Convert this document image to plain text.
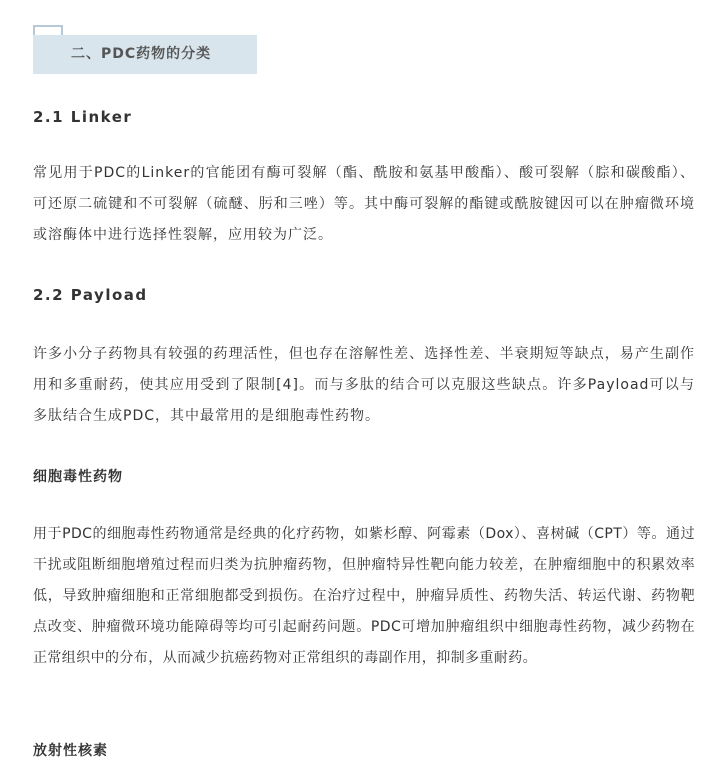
二、PDC药物的分类
2.1 Linker

常见用于PDC的Linker的官能团有酶可裂解（酯、酰胺和氨基甲酸酯）、酸可裂解（腙和碳酸酯）、可还原二硫键和不可裂解（硫醚、肟和三唑）等。其中酶可裂解的酯键或酰胺键因可以在肿瘤微环境或溶酶体中进行选择性裂解，应用较为广泛。

2.2 Payload

许多小分子药物具有较强的药理活性，但也存在溶解性差、选择性差、半衰期短等缺点，易产生副作用和多重耐药，使其应用受到了限制[4]。而与多肽的结合可以克服这些缺点。许多Payload可以与多肽结合生成PDC，其中最常用的是细胞毒性药物。

细胞毒性药物

用于PDC的细胞毒性药物通常是经典的化疗药物，如紫杉醇、阿霉素（Dox）、喜树碱（CPT）等。通过干扰或阻断细胞增殖过程而归类为抗肿瘤药物，但肿瘤特异性靶向能力较差，在肿瘤细胞中的积累效率低，导致肿瘤细胞和正常细胞都受到损伤。在治疗过程中，肿瘤异质性、药物失活、转运代谢、药物靶点改变、肿瘤微环境功能障碍等均可引起耐药问题。PDC可增加肿瘤组织中细胞毒性药物，减少药物在正常组织中的分布，从而减少抗癌药物对正常组织的毒副作用，抑制多重耐药。

放射性核素
